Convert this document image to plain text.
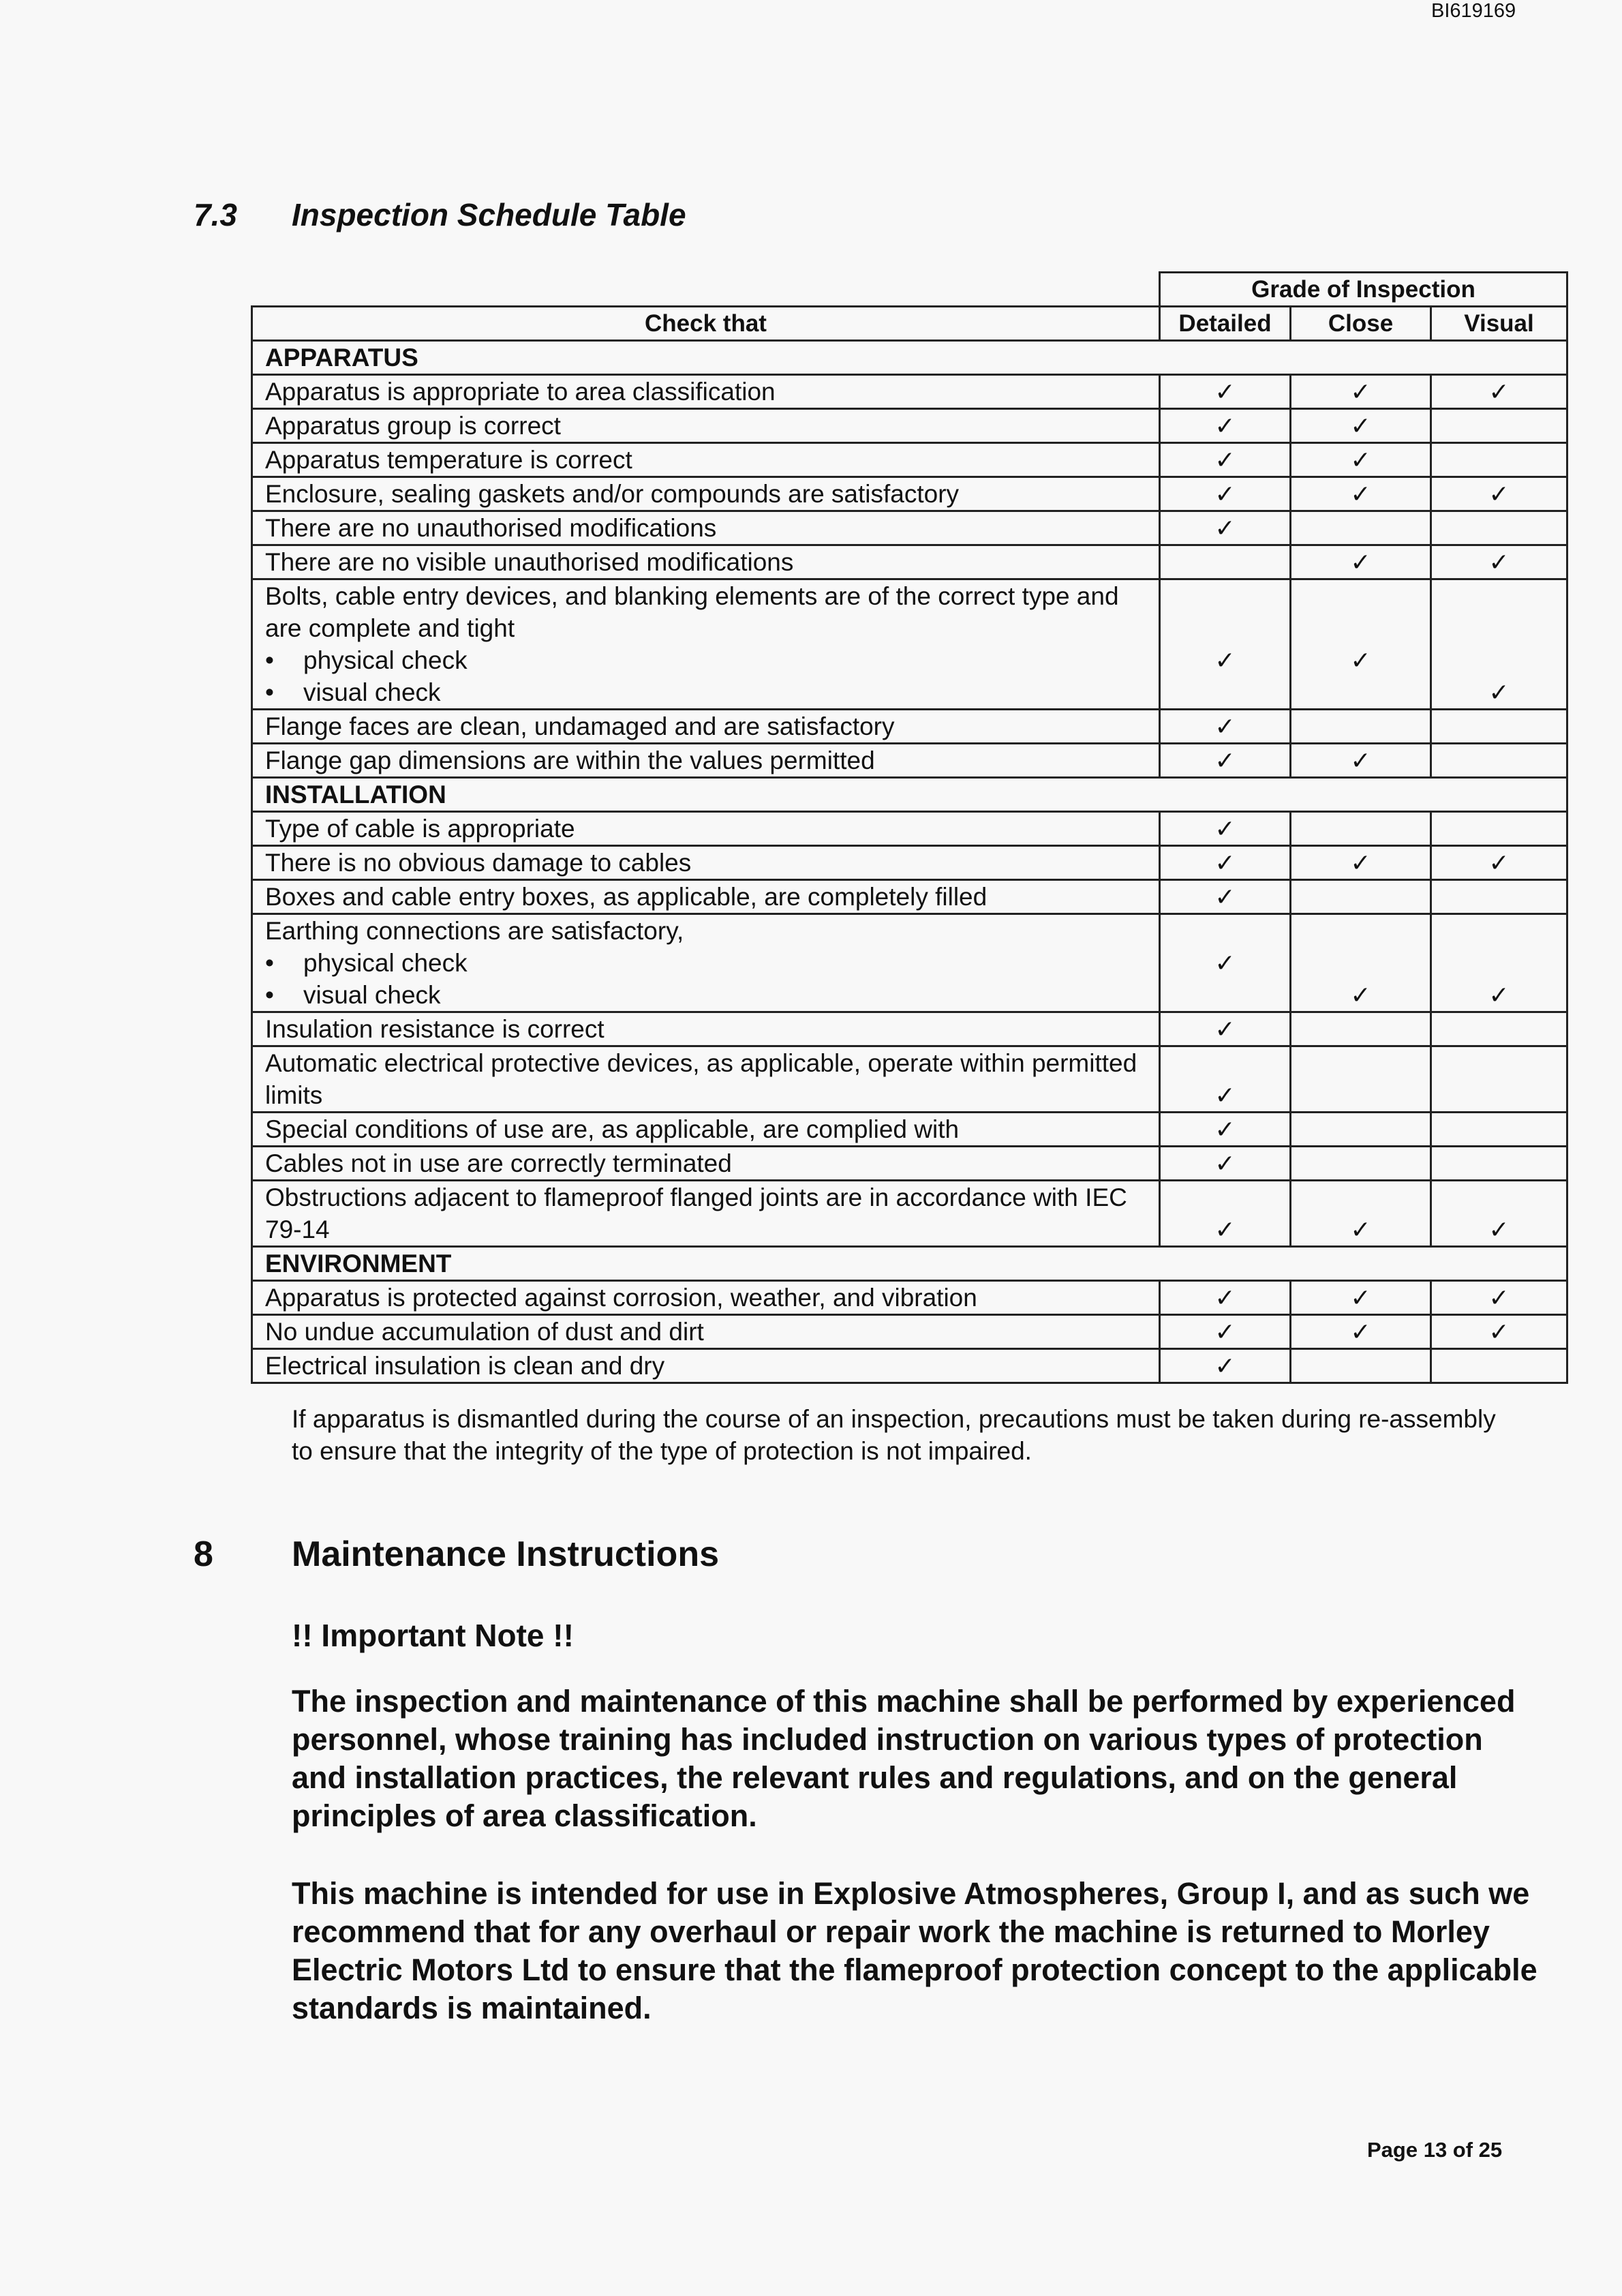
BI619169
7.3 Inspection Schedule Table
	Grade of Inspection		
Check that	Detailed	Close	Visual
APPARATUS			
Apparatus is appropriate to area classification	✓	✓	✓
Apparatus group is correct	✓	✓	
Apparatus temperature is correct	✓	✓	
Enclosure, sealing gaskets and/or compounds are satisfactory	✓	✓	✓
There are no unauthorised modifications	✓		
There are no visible unauthorised modifications		✓	✓
Bolts, cable entry devices, and blanking elements are of the correct type and are complete and tight
• physical check
• visual check	✓	✓	✓
Flange faces are clean, undamaged and are satisfactory	✓		
Flange gap dimensions are within the values permitted	✓	✓	
INSTALLATION			
Type of cable is appropriate	✓		
There is no obvious damage to cables	✓	✓	✓
Boxes and cable entry boxes, as applicable, are completely filled	✓		
Earthing connections are satisfactory,
• physical check
• visual check	✓	✓	✓
Insulation resistance is correct	✓		
Automatic electrical protective devices, as applicable, operate within permitted limits	✓		
Special conditions of use are, as applicable, are complied with	✓		
Cables not in use are correctly terminated	✓		
Obstructions adjacent to flameproof flanged joints are in accordance with IEC 79-14	✓	✓	✓
ENVIRONMENT			
Apparatus is protected against corrosion, weather, and vibration	✓	✓	✓
No undue accumulation of dust and dirt	✓	✓	✓
Electrical insulation is clean and dry	✓		
If apparatus is dismantled during the course of an inspection, precautions must be taken during re-assembly to ensure that the integrity of the type of protection is not impaired.
8 Maintenance Instructions
!! Important Note !!
The inspection and maintenance of this machine shall be performed by experienced personnel, whose training has included instruction on various types of protection and installation practices, the relevant rules and regulations, and on the general principles of area classification.
This machine is intended for use in Explosive Atmospheres, Group I, and as such we recommend that for any overhaul or repair work the machine is returned to Morley Electric Motors Ltd to ensure that the flameproof protection concept to the applicable standards is maintained.
Page 13 of 25
